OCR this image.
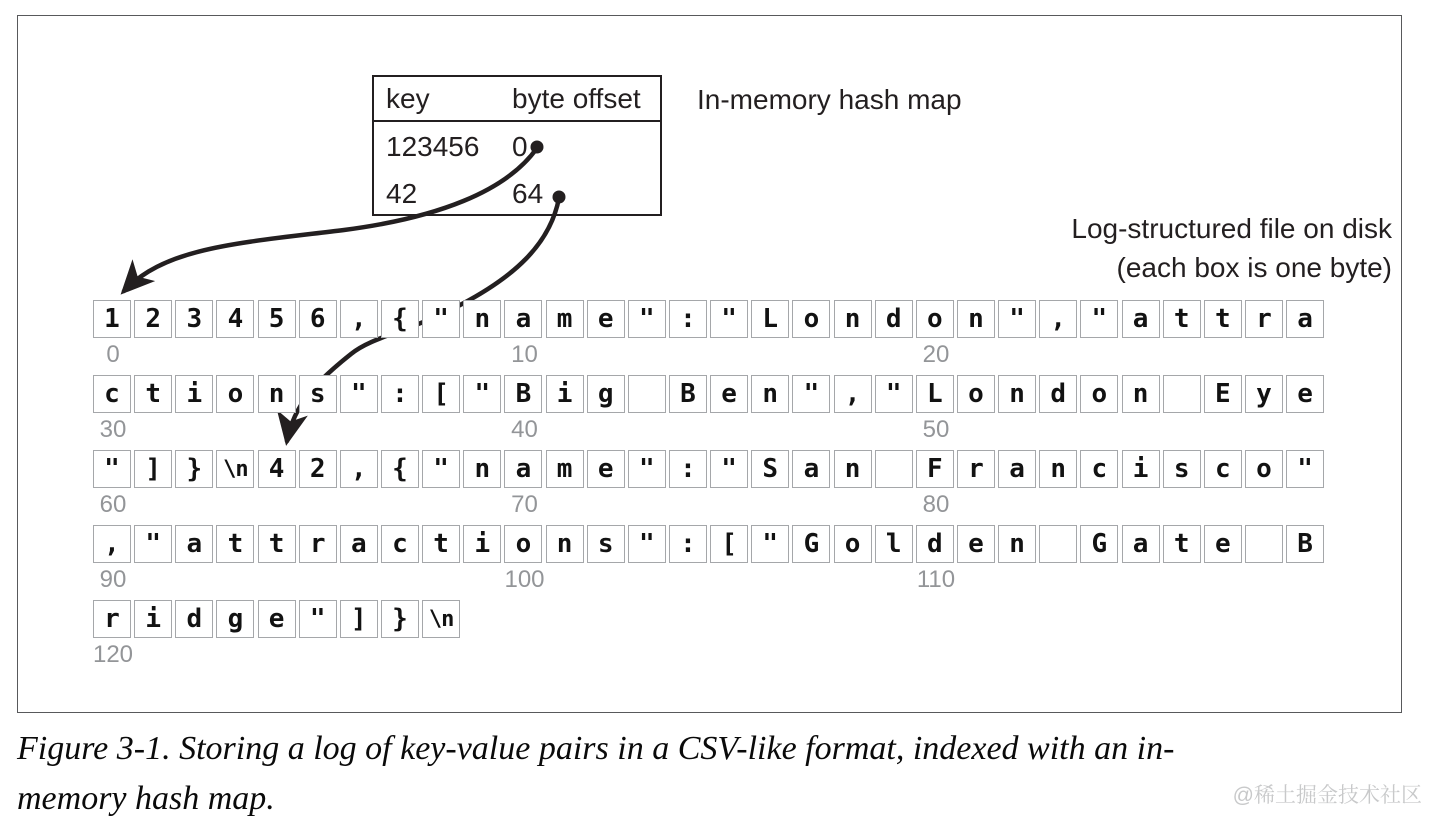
key	byte offset
123456 0
42	64
In-memory hash map
Log-structured file on disk
(each box is one byte)
1 2 3 4 5 6 , { " n a m e " : " L o n d o n " , " a t t r a
0	10	20
c t i o n s " : [ " B i g	B e n " , " L o n d o n	E y e
30	40	50
" ] } \n 4 2 , { " n a m e " : " S a n	F r a n c i s c o "
60	70	80
, " a t t r a c t i o n s " : [ " G o l d e n	G a t e	B
90	100	110
r i d g e " ] } \n
120
Figure 3-1. Storing a log of key-value pairs in a CSV-like format, indexed with an in-
memory hash map.	@稀土掘金技术社区
